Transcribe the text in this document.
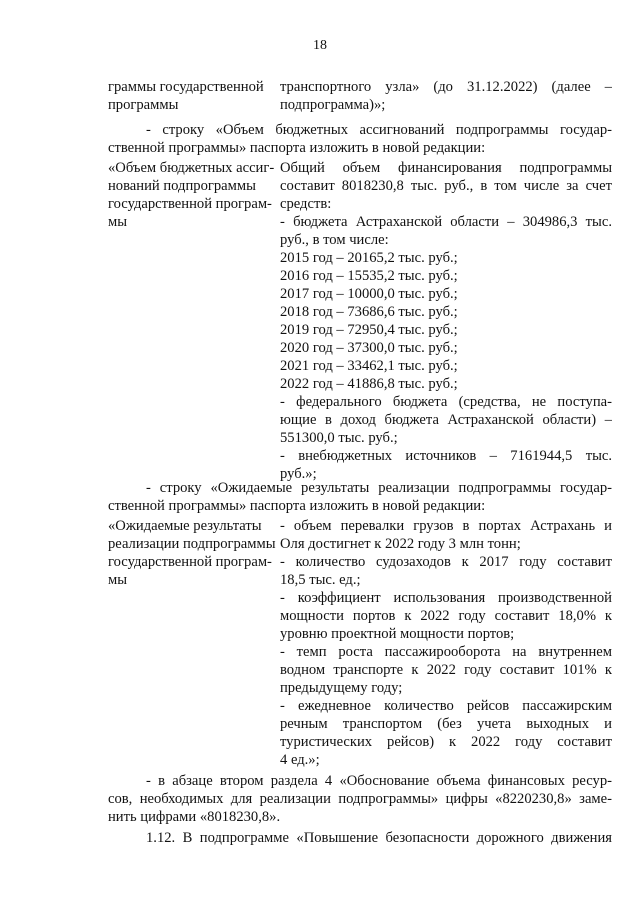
18
граммы государственной
программы
транспортного узла» (до 31.12.2022) (далее –
подпрограмма)»;
- строку «Объем бюджетных ассигнований подпрограммы государ-
ственной программы» паспорта изложить в новой редакции:
«Объем бюджетных ассиг-
нований подпрограммы
государственной програм-
мы
Общий объем финансирования подпрограммы
составит 8018230,8 тыс. руб., в том числе за счет
средств:
- бюджета Астраханской области – 304986,3 тыс.
руб., в том числе:
2015 год – 20165,2 тыс. руб.;
2016 год – 15535,2 тыс. руб.;
2017 год – 10000,0 тыс. руб.;
2018 год – 73686,6 тыс. руб.;
2019 год – 72950,4 тыс. руб.;
2020 год – 37300,0 тыс. руб.;
2021 год – 33462,1 тыс. руб.;
2022 год – 41886,8 тыс. руб.;
- федерального бюджета (средства, не поступа-
ющие в доход бюджета Астраханской области) –
551300,0 тыс. руб.;
- внебюджетных источников – 7161944,5 тыс.
руб.»;
- строку «Ожидаемые результаты реализации подпрограммы государ-
ственной программы» паспорта изложить в новой редакции:
«Ожидаемые результаты
реализации подпрограммы
государственной програм-
мы
- объем перевалки грузов в портах Астрахань и
Оля достигнет к 2022 году 3 млн тонн;
- количество судозаходов к 2017 году составит
18,5 тыс. ед.;
- коэффициент использования производственной
мощности портов к 2022 году составит 18,0% к
уровню проектной мощности портов;
- темп роста пассажирооборота на внутреннем
водном транспорте к 2022 году составит 101% к
предыдущему году;
- ежедневное количество рейсов пассажирским
речным транспортом (без учета выходных и
туристических рейсов) к 2022 году составит
4 ед.»;
- в абзаце втором раздела 4 «Обоснование объема финансовых ресур-
сов, необходимых для реализации подпрограммы» цифры «8220230,8» заме-
нить цифрами «8018230,8».
1.12. В подпрограмме «Повышение безопасности дорожного движения
